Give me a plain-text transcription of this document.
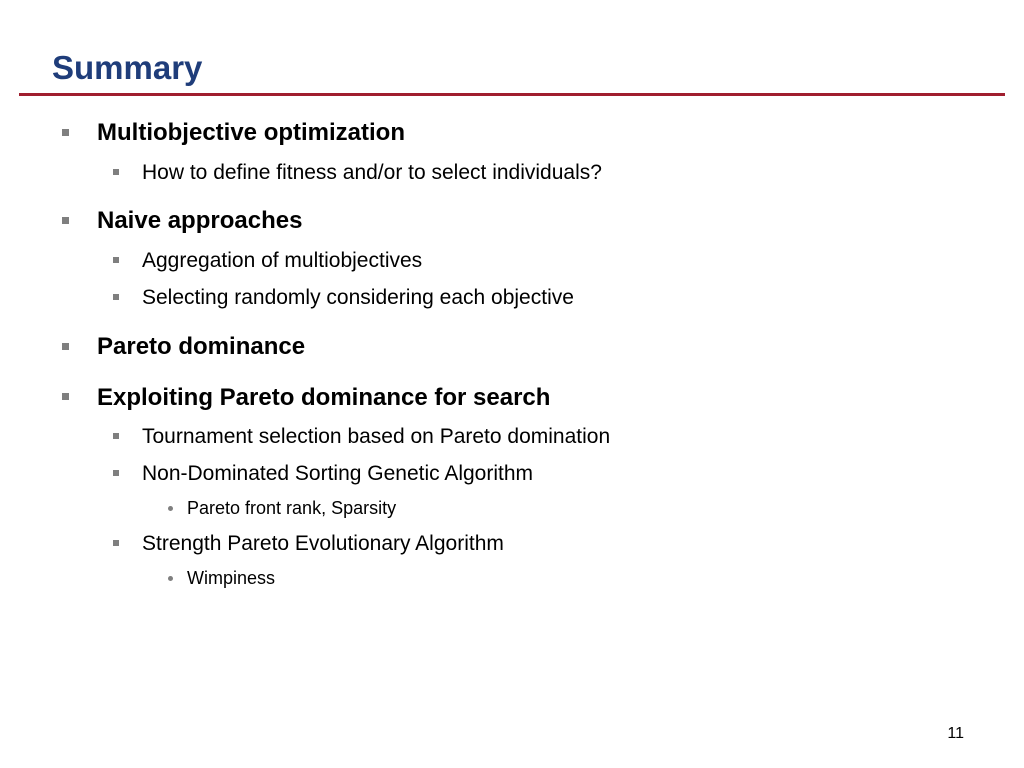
Summary
Multiobjective optimization
How to define fitness and/or to select individuals?
Naive approaches
Aggregation of multiobjectives
Selecting randomly considering each objective
Pareto dominance
Exploiting Pareto dominance for search
Tournament selection based on Pareto domination
Non-Dominated Sorting Genetic Algorithm
Pareto front rank, Sparsity
Strength Pareto Evolutionary Algorithm
Wimpiness
11
